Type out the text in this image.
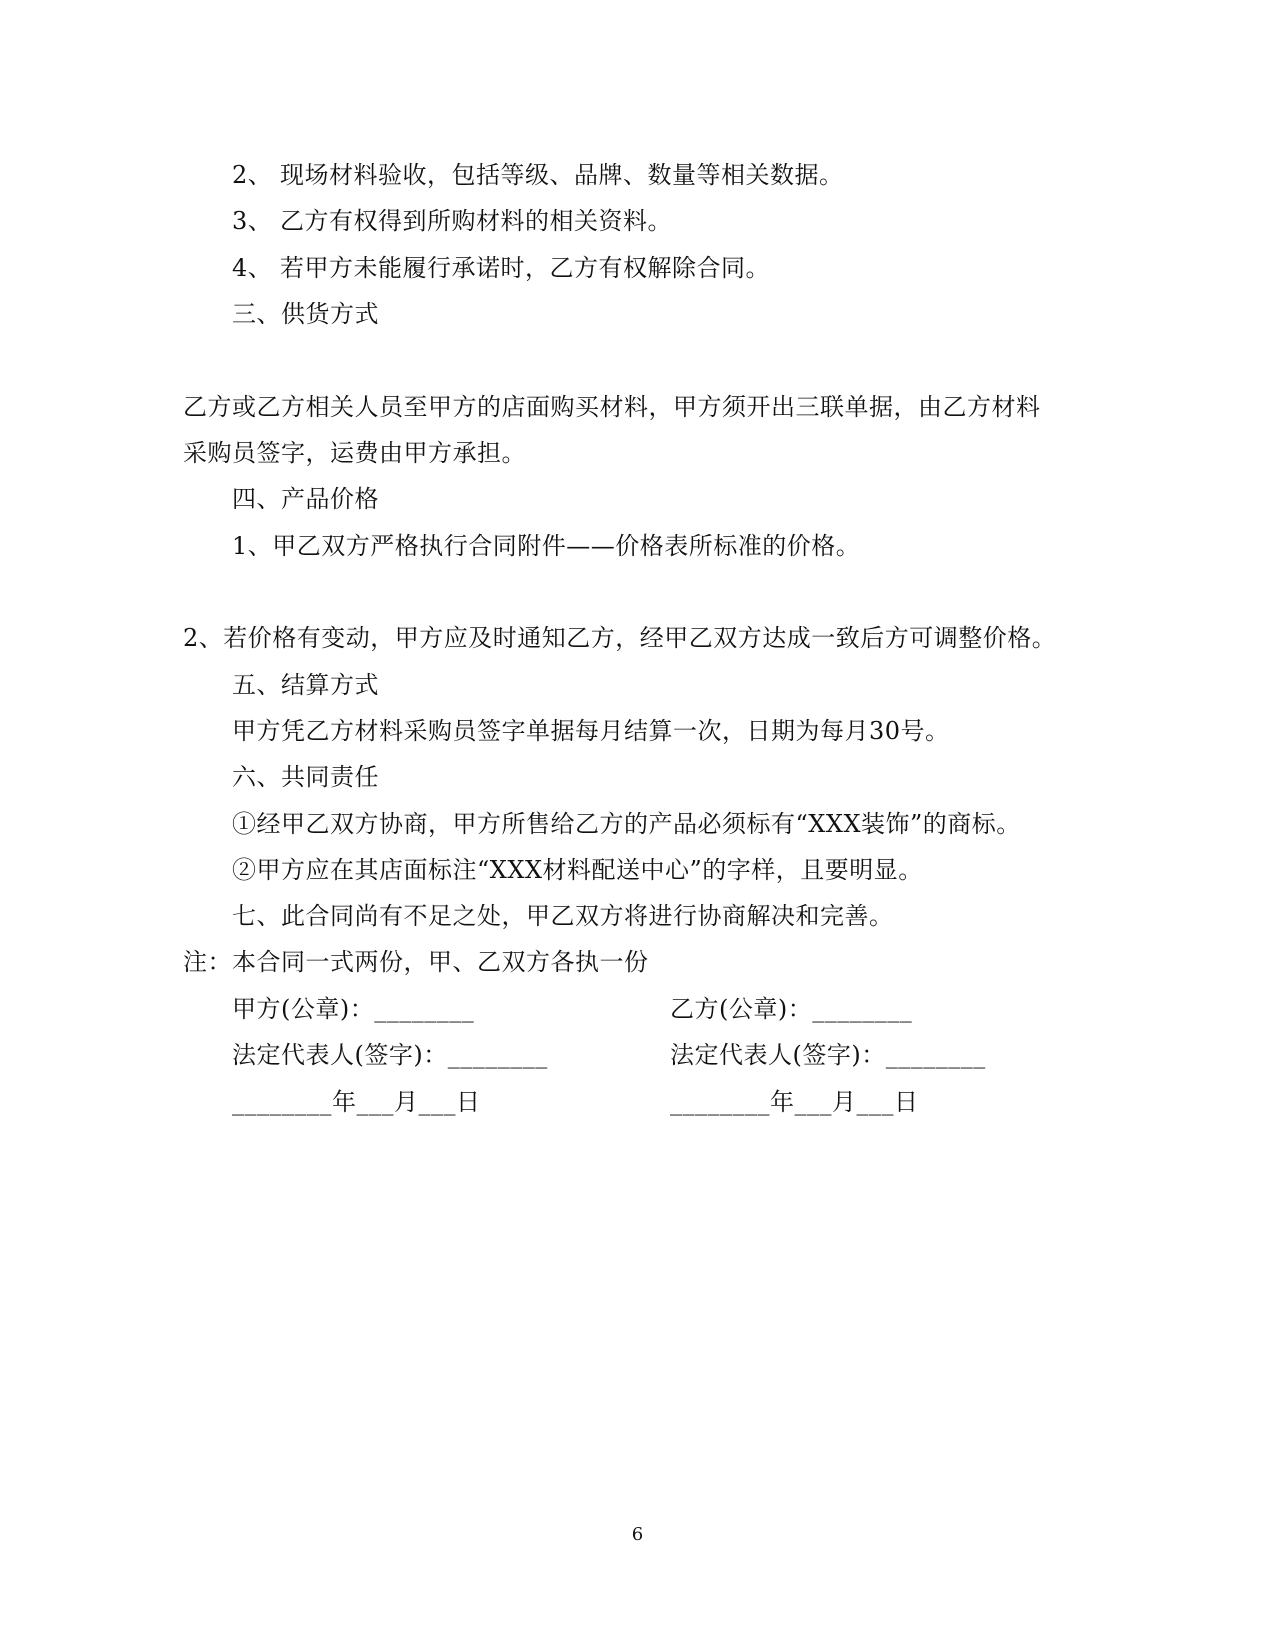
2、 现场材料验收，包括等级、品牌、数量等相关数据。
3、 乙方有权得到所购材料的相关资料。
4、 若甲方未能履行承诺时，乙方有权解除合同。
三、供货方式
乙方或乙方相关人员至甲方的店面购买材料，甲方须开出三联单据，由乙方材料
采购员签字，运费由甲方承担。
四、产品价格
1、甲乙双方严格执行合同附件——价格表所标准的价格。
2、若价格有变动，甲方应及时通知乙方，经甲乙双方达成一致后方可调整价格。
五、结算方式
甲方凭乙方材料采购员签字单据每月结算一次，日期为每月30号。
六、共同责任
①经甲乙双方协商，甲方所售给乙方的产品必须标有“XXX装饰”的商标。
②甲方应在其店面标注“XXX材料配送中心”的字样，且要明显。
七、此合同尚有不足之处，甲乙双方将进行协商解决和完善。
注：本合同一式两份，甲、乙双方各执一份
甲方(公章)：________	乙方(公章)：________
法定代表人(签字)：________	法定代表人(签字)：________
________年___月___日	________年___月___日
6
